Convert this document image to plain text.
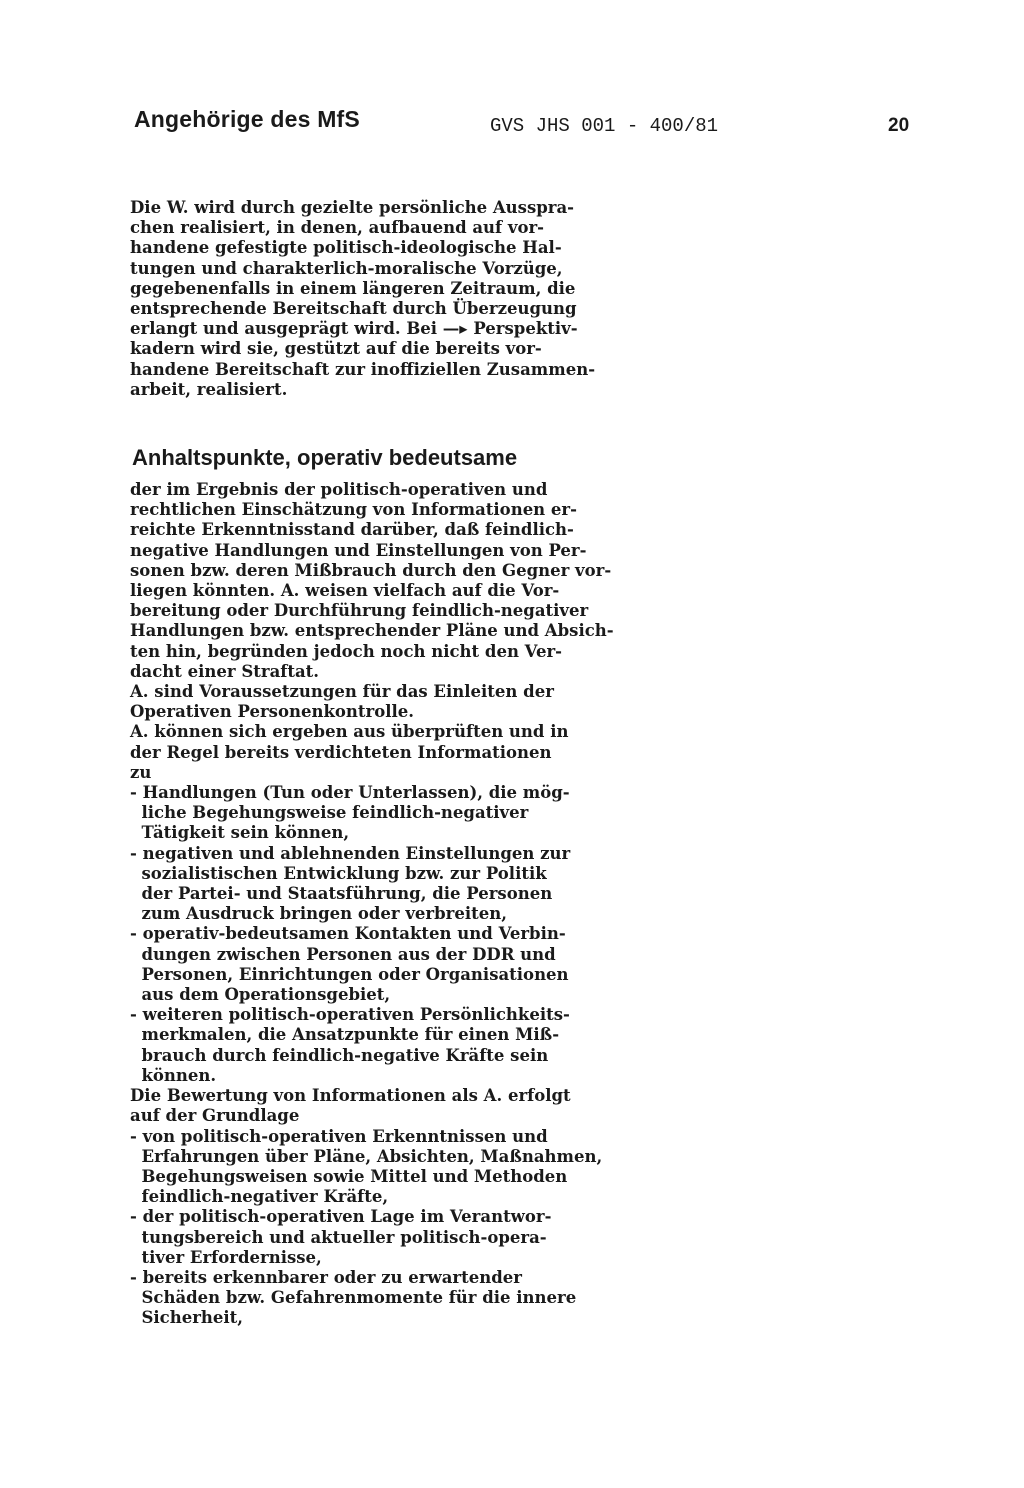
Angehörige des MfS	GVS JHS 001 - 400/81	20

Die W. wird durch gezielte persönliche Ausspra-
chen realisiert, in denen, aufbauend auf vor-
handene gefestigte politisch-ideologische Hal-
tungen und charakterlich-moralische Vorzüge,
gegebenenfalls in einem längeren Zeitraum, die
entsprechende Bereitschaft durch Überzeugung
erlangt und ausgeprägt wird. Bei —▸ Perspektiv-
kadern wird sie, gestützt auf die bereits vor-
handene Bereitschaft zur inoffiziellen Zusammen-
arbeit, realisiert.

Anhaltspunkte, operativ bedeutsame

der im Ergebnis der politisch-operativen und
rechtlichen Einschätzung von Informationen er-
reichte Erkenntnisstand darüber, daß feindlich-
negative Handlungen und Einstellungen von Per-
sonen bzw. deren Mißbrauch durch den Gegner vor-
liegen könnten. A. weisen vielfach auf die Vor-
bereitung oder Durchführung feindlich-negativer
Handlungen bzw. entsprechender Pläne und Absich-
ten hin, begründen jedoch noch nicht den Ver-
dacht einer Straftat.
A. sind Voraussetzungen für das Einleiten der
Operativen Personenkontrolle.
A. können sich ergeben aus überprüften und in
der Regel bereits verdichteten Informationen
zu
- Handlungen (Tun oder Unterlassen), die mög-
liche Begehungsweise feindlich-negativer
Tätigkeit sein können,
- negativen und ablehnenden Einstellungen zur
sozialistischen Entwicklung bzw. zur Politik
der Partei- und Staatsführung, die Personen
zum Ausdruck bringen oder verbreiten,
- operativ-bedeutsamen Kontakten und Verbin-
dungen zwischen Personen aus der DDR und
Personen, Einrichtungen oder Organisationen
aus dem Operationsgebiet,
- weiteren politisch-operativen Persönlichkeits-
merkmalen, die Ansatzpunkte für einen Miß-
brauch durch feindlich-negative Kräfte sein
können.
Die Bewertung von Informationen als A. erfolgt
auf der Grundlage
- von politisch-operativen Erkenntnissen und
Erfahrungen über Pläne, Absichten, Maßnahmen,
Begehungsweisen sowie Mittel und Methoden
feindlich-negativer Kräfte,
- der politisch-operativen Lage im Verantwor-
tungsbereich und aktueller politisch-opera-
tiver Erfordernisse,
- bereits erkennbarer oder zu erwartender
Schäden bzw. Gefahrenmomente für die innere
Sicherheit,
